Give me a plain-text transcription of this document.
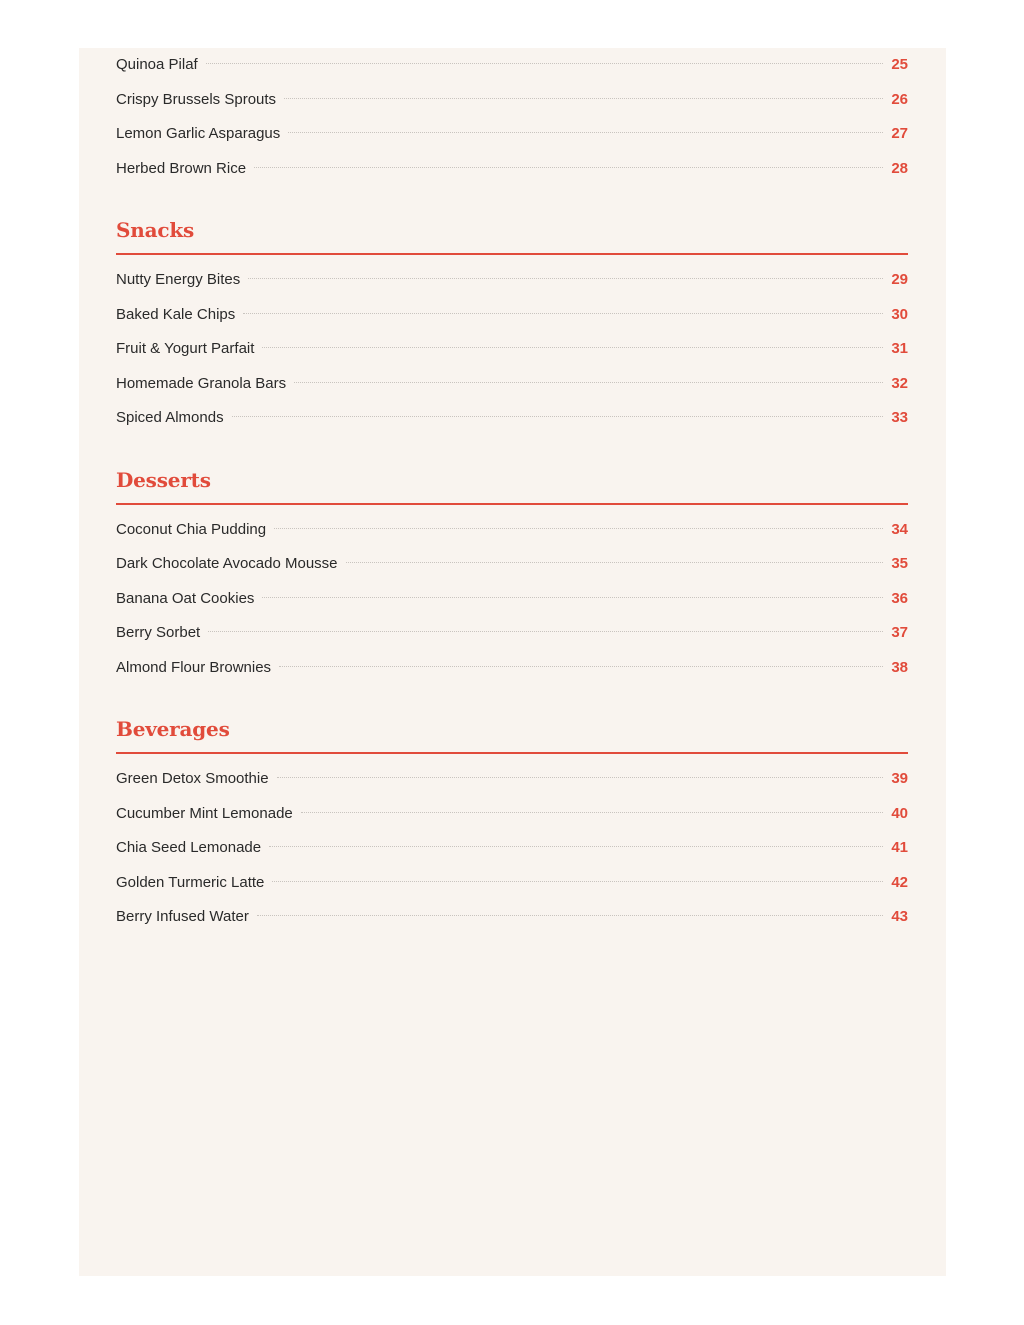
Quinoa Pilaf	25
Crispy Brussels Sprouts	26
Lemon Garlic Asparagus	27
Herbed Brown Rice	28
Snacks
Nutty Energy Bites	29
Baked Kale Chips	30
Fruit & Yogurt Parfait	31
Homemade Granola Bars	32
Spiced Almonds	33
Desserts
Coconut Chia Pudding	34
Dark Chocolate Avocado Mousse	35
Banana Oat Cookies	36
Berry Sorbet	37
Almond Flour Brownies	38
Beverages
Green Detox Smoothie	39
Cucumber Mint Lemonade	40
Chia Seed Lemonade	41
Golden Turmeric Latte	42
Berry Infused Water	43
